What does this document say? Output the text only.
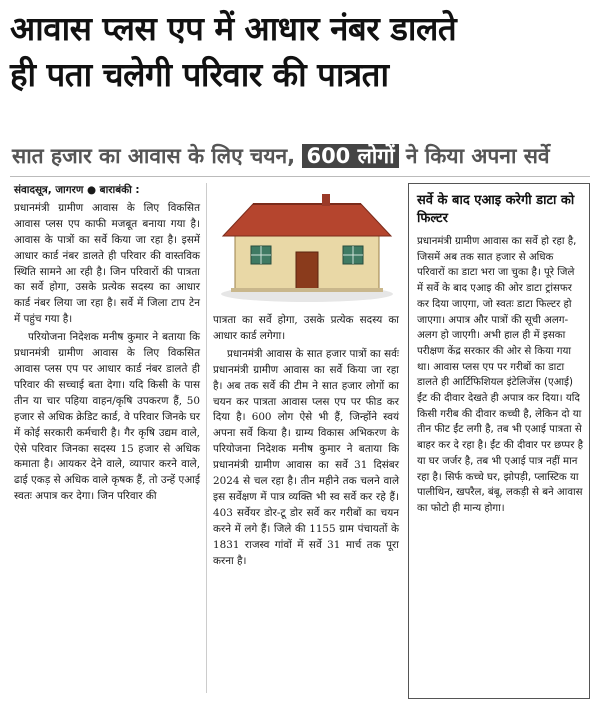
आवास प्लस एप में आधार नंबर डालते
ही पता चलेगी परिवार की पात्रता
सात हजार का आवास के लिए चयन, 600 लोगों ने किया अपना सर्वे

संवादसूत्र, जागरण ● बाराबंकी :

प्रधानमंत्री ग्रामीण आवास के लिए विकसित आवास प्लस एप काफी मजबूत बनाया गया है। आवास के पात्रों का सर्वे किया जा रहा है। इसमें आधार कार्ड नंबर डालते ही परिवार की वास्तविक स्थिति सामने आ रही है। जिन परिवारों की पात्रता का सर्वे होगा, उसके प्रत्येक सदस्य का आधार कार्ड नंबर लिया जा रहा है। सर्वे में जिला टाप टेन में पहुंच गया है।

परियोजना निदेशक मनीष कुमार ने बताया कि प्रधानमंत्री ग्रामीण आवास के लिए विकसित आवास प्लस एप पर आधार कार्ड नंबर डालते ही परिवार की सच्चाई बता देगा। यदि किसी के पास तीन या चार पहिया वाहन/कृषि उपकरण हैं, 50 हजार से अधिक क्रेडिट कार्ड, वे परिवार जिनके घर में कोई सरकारी कर्मचारी है। गैर कृषि उद्यम वाले, ऐसे परिवार जिनका सदस्य 15 हजार से अधिक कमाता है। आयकर देने वाले, व्यापार करने वाले, ढाई एकड़ से अधिक वाले कृषक हैं, तो उन्हें एआई स्वतः अपात्र कर देगा। जिन परिवार की

पात्रता का सर्वे होगा, उसके प्रत्येक सदस्य का आधार कार्ड लगेगा।

प्रधानमंत्री आवास के सात हजार पात्रों का सर्वः प्रधानमंत्री ग्रामीण आवास का सर्वे किया जा रहा है। अब तक सर्वे की टीम ने सात हजार लोगों का चयन कर पात्रता आवास प्लस एप पर फीड कर दिया है। 600 लोग ऐसे भी हैं, जिन्होंने स्वयं अपना सर्वे किया है। ग्राम्य विकास अभिकरण के परियोजना निदेशक मनीष कुमार ने बताया कि प्रधानमंत्री ग्रामीण आवास का सर्वे 31 दिसंबर 2024 से चल रहा है। तीन महीने तक चलने वाले इस सर्वेक्षण में पात्र व्यक्ति भी स्व सर्वे कर रहे हैं। 403 सर्वेयर डोर-टू डोर सर्वे कर गरीबों का चयन करने में लगे हैं। जिले की 1155 ग्राम पंचायतों के 1831 राजस्व गांवों में सर्वे 31 मार्च तक पूरा करना है।

सर्वे के बाद एआइ करेगी डाटा को फिल्टर
प्रधानमंत्री ग्रामीण आवास का सर्वे हो रहा है, जिसमें अब तक सात हजार से अधिक परिवारों का डाटा भरा जा चुका है। पूरे जिले में सर्वे के बाद एआइ की ओर डाटा ट्रांसफर कर दिया जाएगा, जो स्वतः डाटा फिल्टर हो जाएगा। अपात्र और पात्रों की सूची अलग-अलग हो जाएगी। अभी हाल ही में इसका परीक्षण केंद्र सरकार की ओर से किया गया था। आवास प्लस एप पर गरीबों का डाटा डालते ही आर्टिफिशियल इंटेलिजेंस (एआई) ईंट की दीवार देखते ही अपात्र कर दिया। यदि किसी गरीब की दीवार कच्ची है, लेकिन दो या तीन फीट ईंट लगी है, तब भी एआई पात्रता से बाहर कर दे रहा है। ईंट की दीवार पर छप्पर है या घर जर्जर है, तब भी एआई पात्र नहीं मान रहा है। सिर्फ कच्चे घर, झोपड़ी, प्लास्टिक या पालीथिन, खपरैल, बंबू, लकड़ी से बने आवास का फोटो ही मान्य होगा।
